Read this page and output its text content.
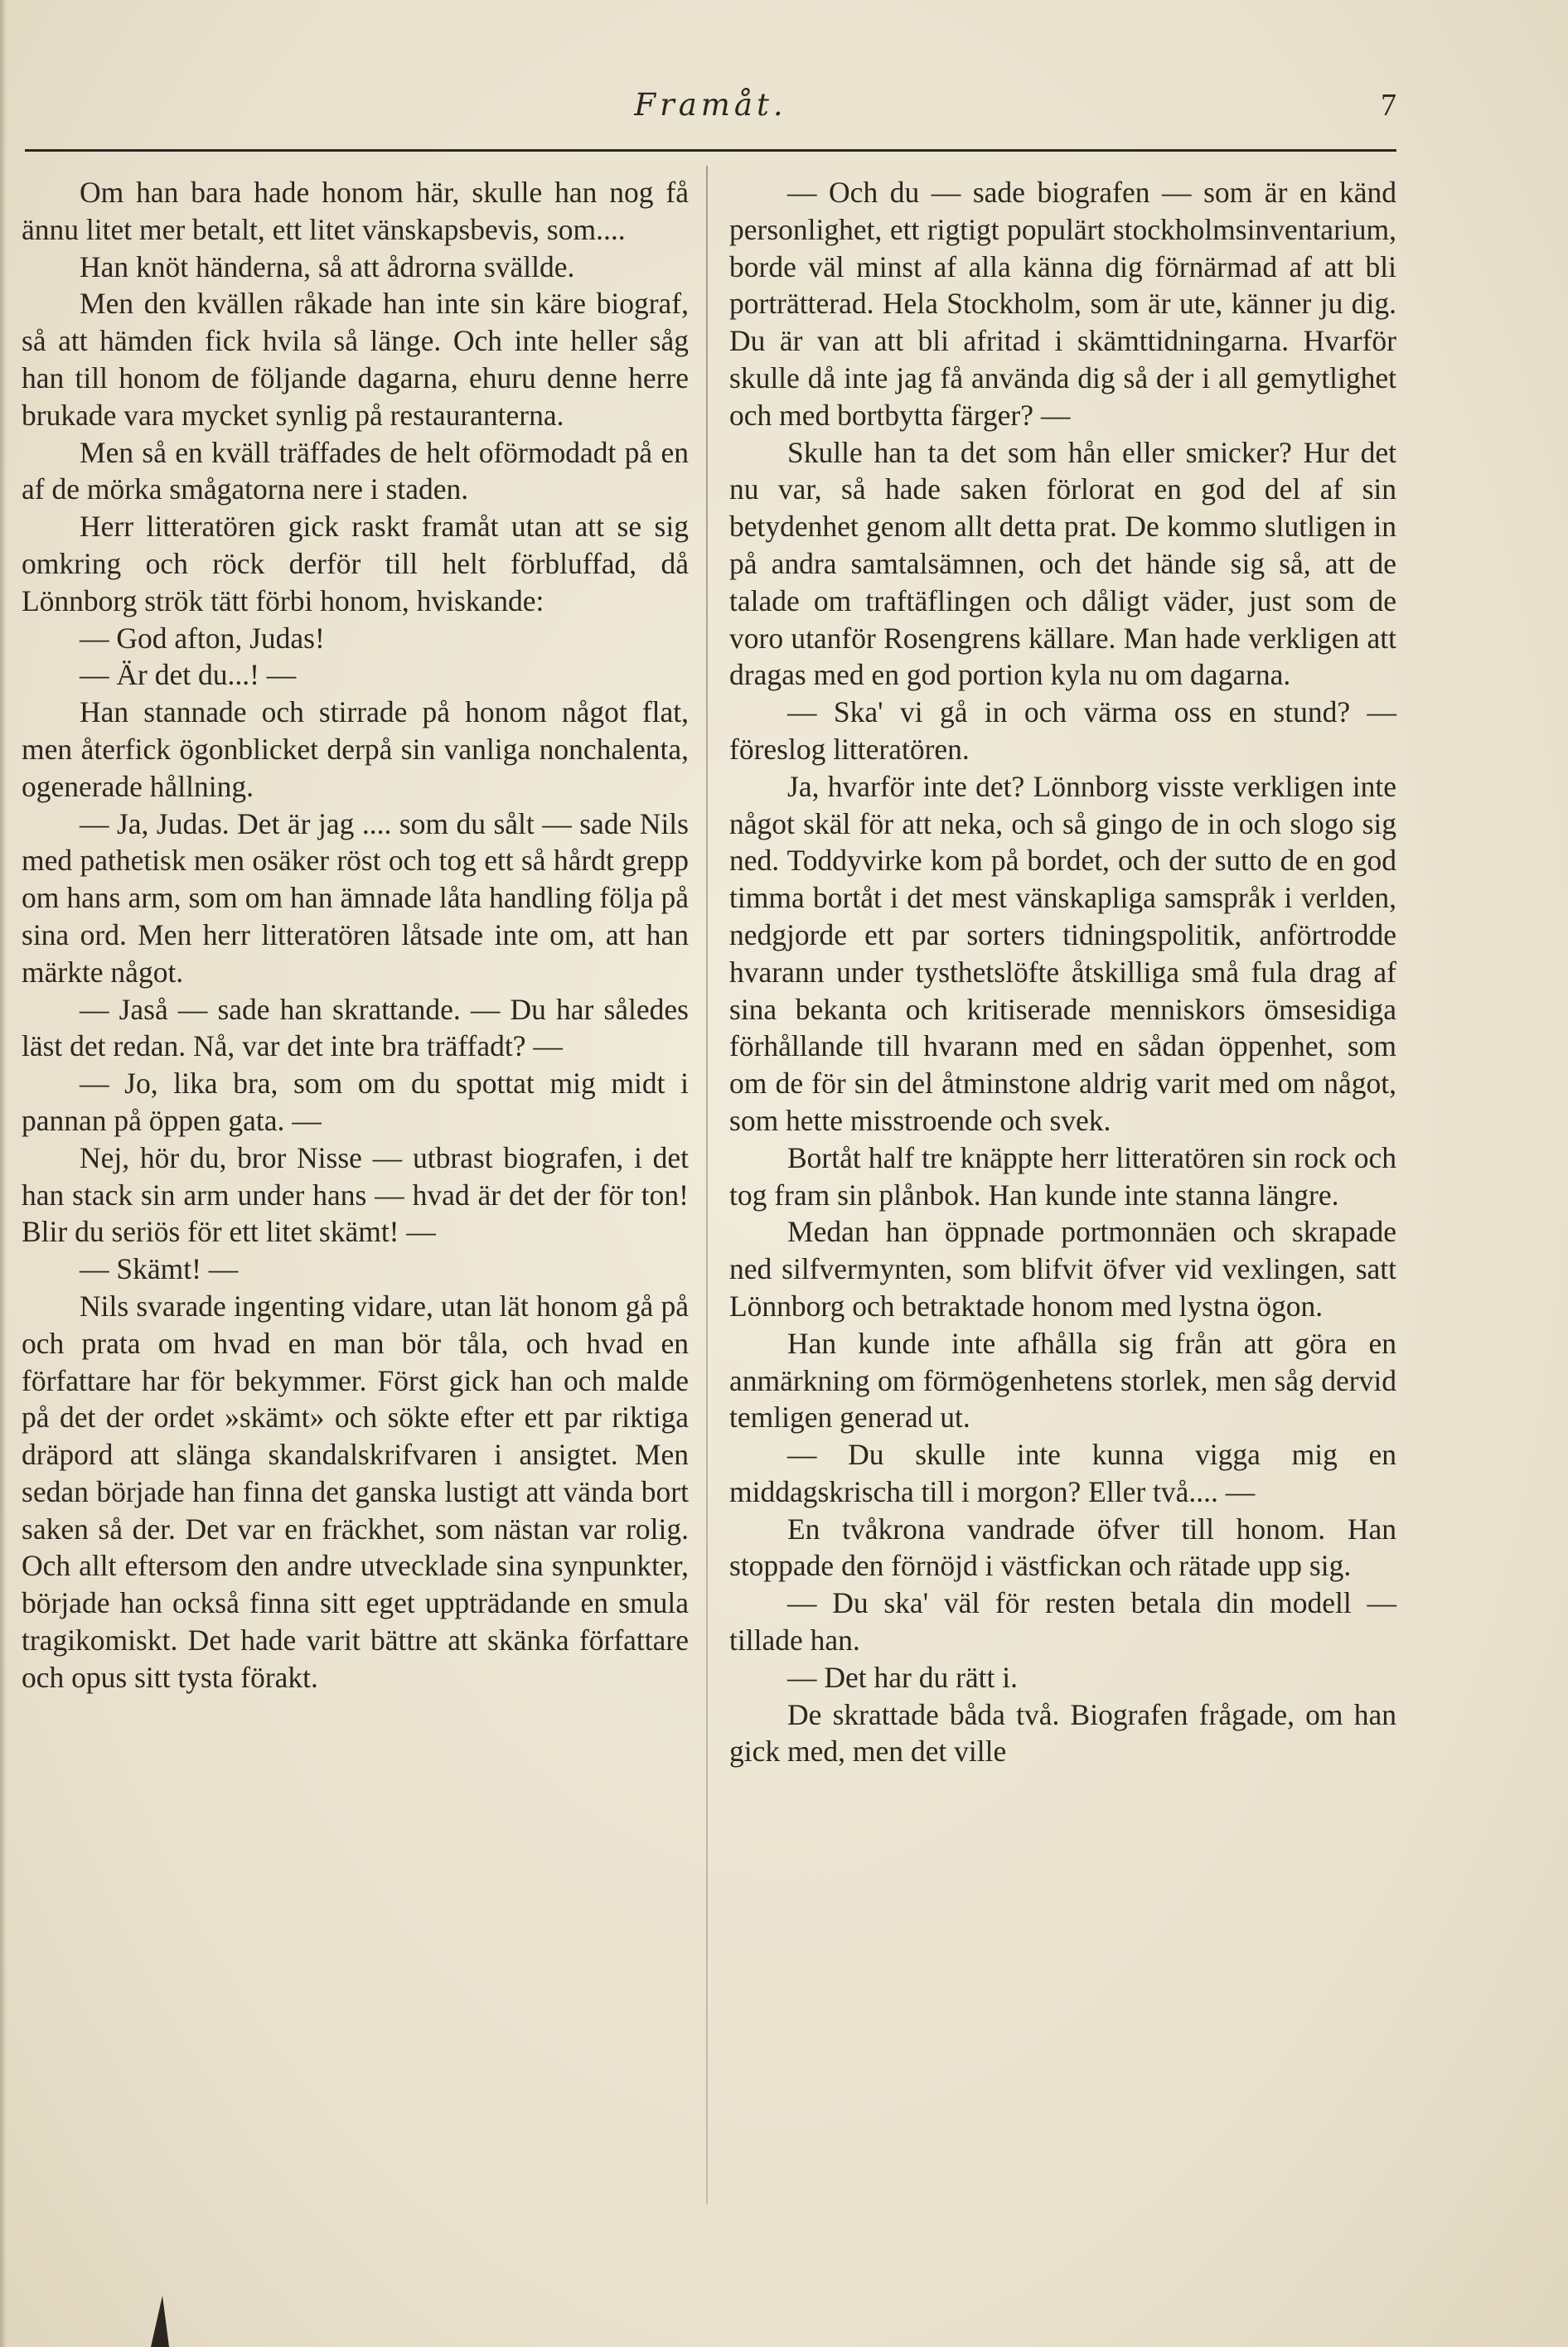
Framåt.	7

Om han bara hade honom här, skulle han nog få ännu litet mer betalt, ett litet vänskapsbevis, som....

Han knöt händerna, så att ådrorna svällde.

Men den kvällen råkade han inte sin käre biograf, så att hämden fick hvila så länge. Och inte heller såg han till honom de följande dagarna, ehuru denne herre brukade vara mycket synlig på restauranterna.

Men så en kväll träffades de helt oförmodadt på en af de mörka smågatorna nere i staden.

Herr litteratören gick raskt framåt utan att se sig omkring och röck derför till helt förbluffad, då Lönnborg strök tätt förbi honom, hviskande:

— God afton, Judas!

— Är det du...! —

Han stannade och stirrade på honom något flat, men återfick ögonblicket derpå sin vanliga nonchalenta, ogenerade hållning.

— Ja, Judas. Det är jag .... som du sålt — sade Nils med pathetisk men osäker röst och tog ett så hårdt grepp om hans arm, som om han ämnade låta handling följa på sina ord. Men herr litteratören låtsade inte om, att han märkte något.

— Jaså — sade han skrattande. — Du har således läst det redan. Nå, var det inte bra träffadt? —

— Jo, lika bra, som om du spottat mig midt i pannan på öppen gata. —

Nej, hör du, bror Nisse — utbrast biografen, i det han stack sin arm under hans — hvad är det der för ton! Blir du seriös för ett litet skämt! —

— Skämt! —

Nils svarade ingenting vidare, utan lät honom gå på och prata om hvad en man bör tåla, och hvad en författare har för bekymmer. Först gick han och malde på det der ordet »skämt» och sökte efter ett par riktiga dräpord att slänga skandalskrifvaren i ansigtet. Men sedan började han finna det ganska lustigt att vända bort saken så der. Det var en fräckhet, som nästan var rolig. Och allt eftersom den andre utvecklade sina synpunkter, började han också finna sitt eget uppträdande en smula tragikomiskt. Det hade varit bättre att skänka författare och opus sitt tysta förakt.

— Och du — sade biografen — som är en känd personlighet, ett rigtigt populärt stockholmsinventarium, borde väl minst af alla känna dig förnärmad af att bli porträtterad. Hela Stockholm, som är ute, känner ju dig. Du är van att bli afritad i skämttidningarna. Hvarför skulle då inte jag få använda dig så der i all gemytlighet och med bortbytta färger? —

Skulle han ta det som hån eller smicker? Hur det nu var, så hade saken förlorat en god del af sin betydenhet genom allt detta prat. De kommo slutligen in på andra samtalsämnen, och det hände sig så, att de talade om traftäflingen och dåligt väder, just som de voro utanför Rosengrens källare. Man hade verkligen att dragas med en god portion kyla nu om dagarna.

— Ska' vi gå in och värma oss en stund? — föreslog litteratören.

Ja, hvarför inte det? Lönnborg visste verkligen inte något skäl för att neka, och så gingo de in och slogo sig ned. Toddyvirke kom på bordet, och der sutto de en god timma bortåt i det mest vänskapliga samspråk i verlden, nedgjorde ett par sorters tidningspolitik, anförtrodde hvarann under tysthetslöfte åtskilliga små fula drag af sina bekanta och kritiserade menniskors ömsesidiga förhållande till hvarann med en sådan öppenhet, som om de för sin del åtminstone aldrig varit med om något, som hette misstroende och svek.

Bortåt half tre knäppte herr litteratören sin rock och tog fram sin plånbok. Han kunde inte stanna längre.

Medan han öppnade portmonnäen och skrapade ned silfvermynten, som blifvit öfver vid vexlingen, satt Lönnborg och betraktade honom med lystna ögon.

Han kunde inte afhålla sig från att göra en anmärkning om förmögenhetens storlek, men såg dervid temligen generad ut.

— Du skulle inte kunna vigga mig en middagskrischa till i morgon? Eller två.... —

En tvåkrona vandrade öfver till honom. Han stoppade den förnöjd i västfickan och rätade upp sig.

— Du ska' väl för resten betala din modell — tillade han.

— Det har du rätt i.

De skrattade båda två. Biografen frågade, om han gick med, men det ville
